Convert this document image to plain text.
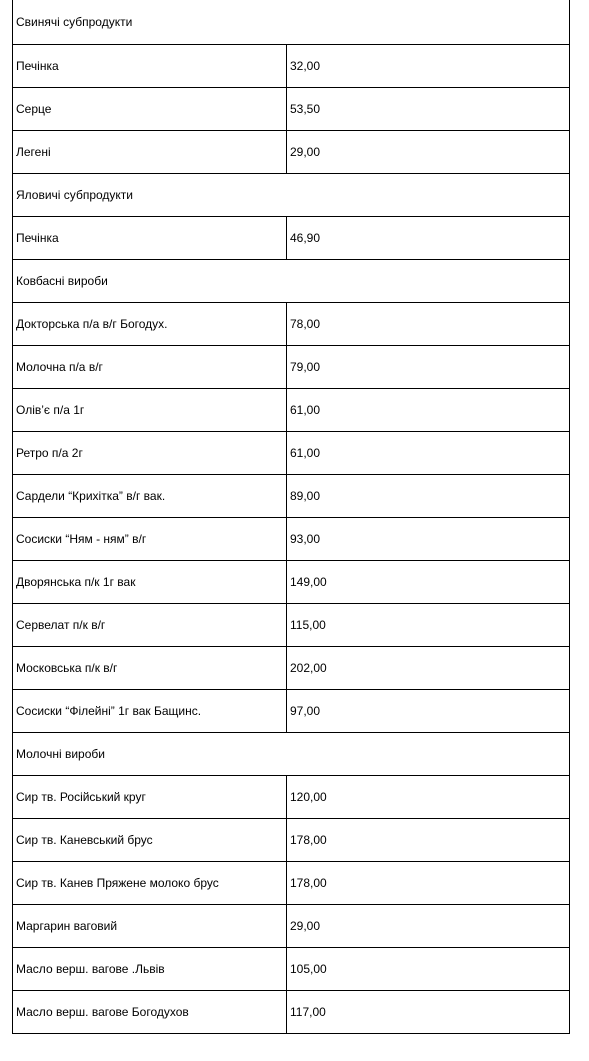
Свинячі субпродукти	
Печінка	32,00
Серце	53,50
Легені	29,00
Яловичі субпродукти	
Печінка	46,90
Ковбасні вироби	
Докторська п/а в/г Богодух.	78,00
Молочна п/а в/г	79,00
Олів’є п/а 1г	61,00
Ретро п/а 2г	61,00
Сардели “Крихітка” в/г вак.	89,00
Сосиски “Ням - ням” в/г	93,00
Дворянська п/к 1г вак	149,00
Сервелат п/к в/г	115,00
Московська п/к в/г	202,00
Сосиски “Філейні” 1г вак Бащинс.	97,00
Молочні вироби	
Сир тв. Російський круг	120,00
Сир тв. Каневський брус	178,00
Сир тв. Канев Пряжене молоко брус	178,00
Маргарин ваговий	29,00
Масло верш. вагове .Львів	105,00
Масло верш. вагове Богодухов	117,00
